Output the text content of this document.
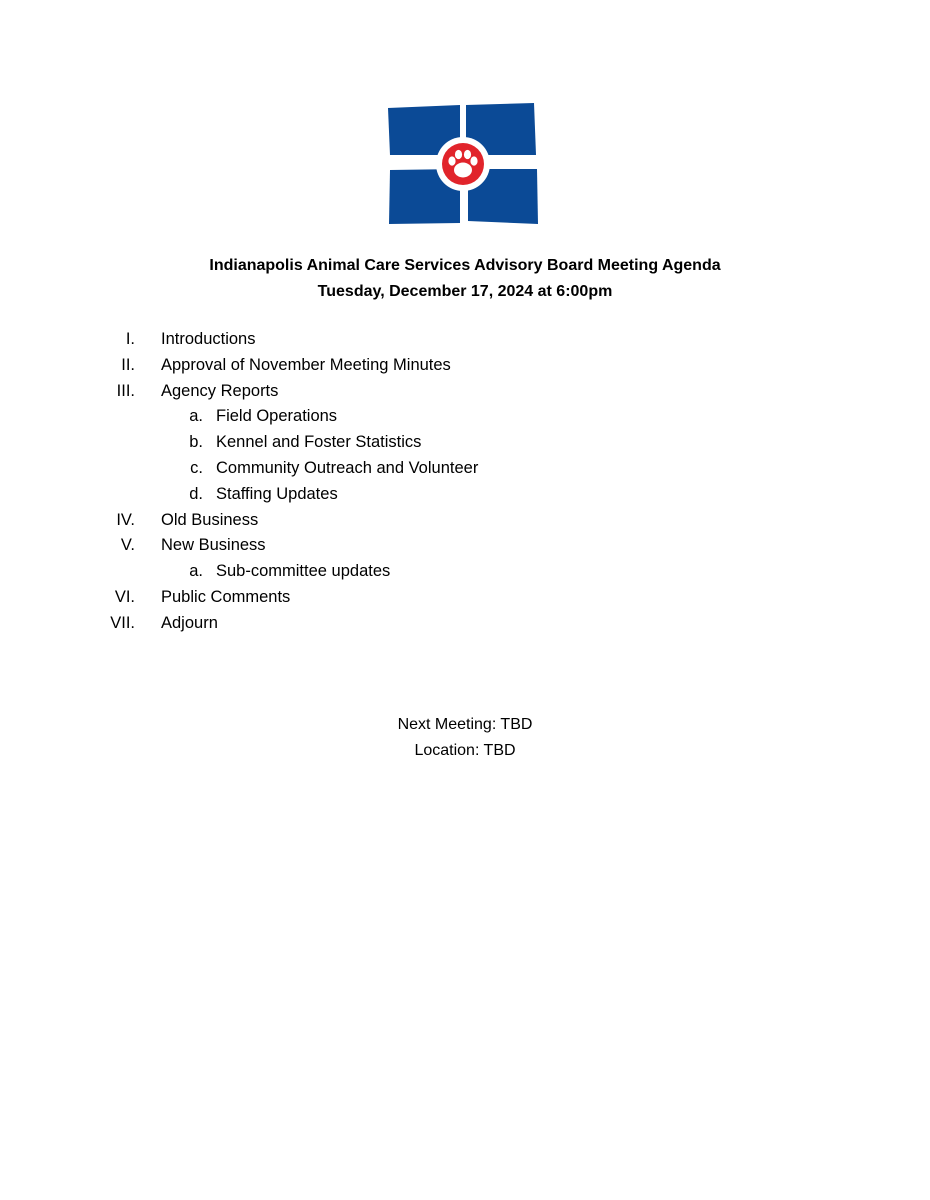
Indianapolis Animal Care Services Advisory Board Meeting Agenda
Tuesday, December 17, 2024 at 6:00pm
I. Introductions
II. Approval of November Meeting Minutes
III. Agency Reports
a. Field Operations
b. Kennel and Foster Statistics
c. Community Outreach and Volunteer
d. Staffing Updates
IV. Old Business
V. New Business
a. Sub-committee updates
VI. Public Comments
VII. Adjourn
Next Meeting: TBD
Location: TBD
